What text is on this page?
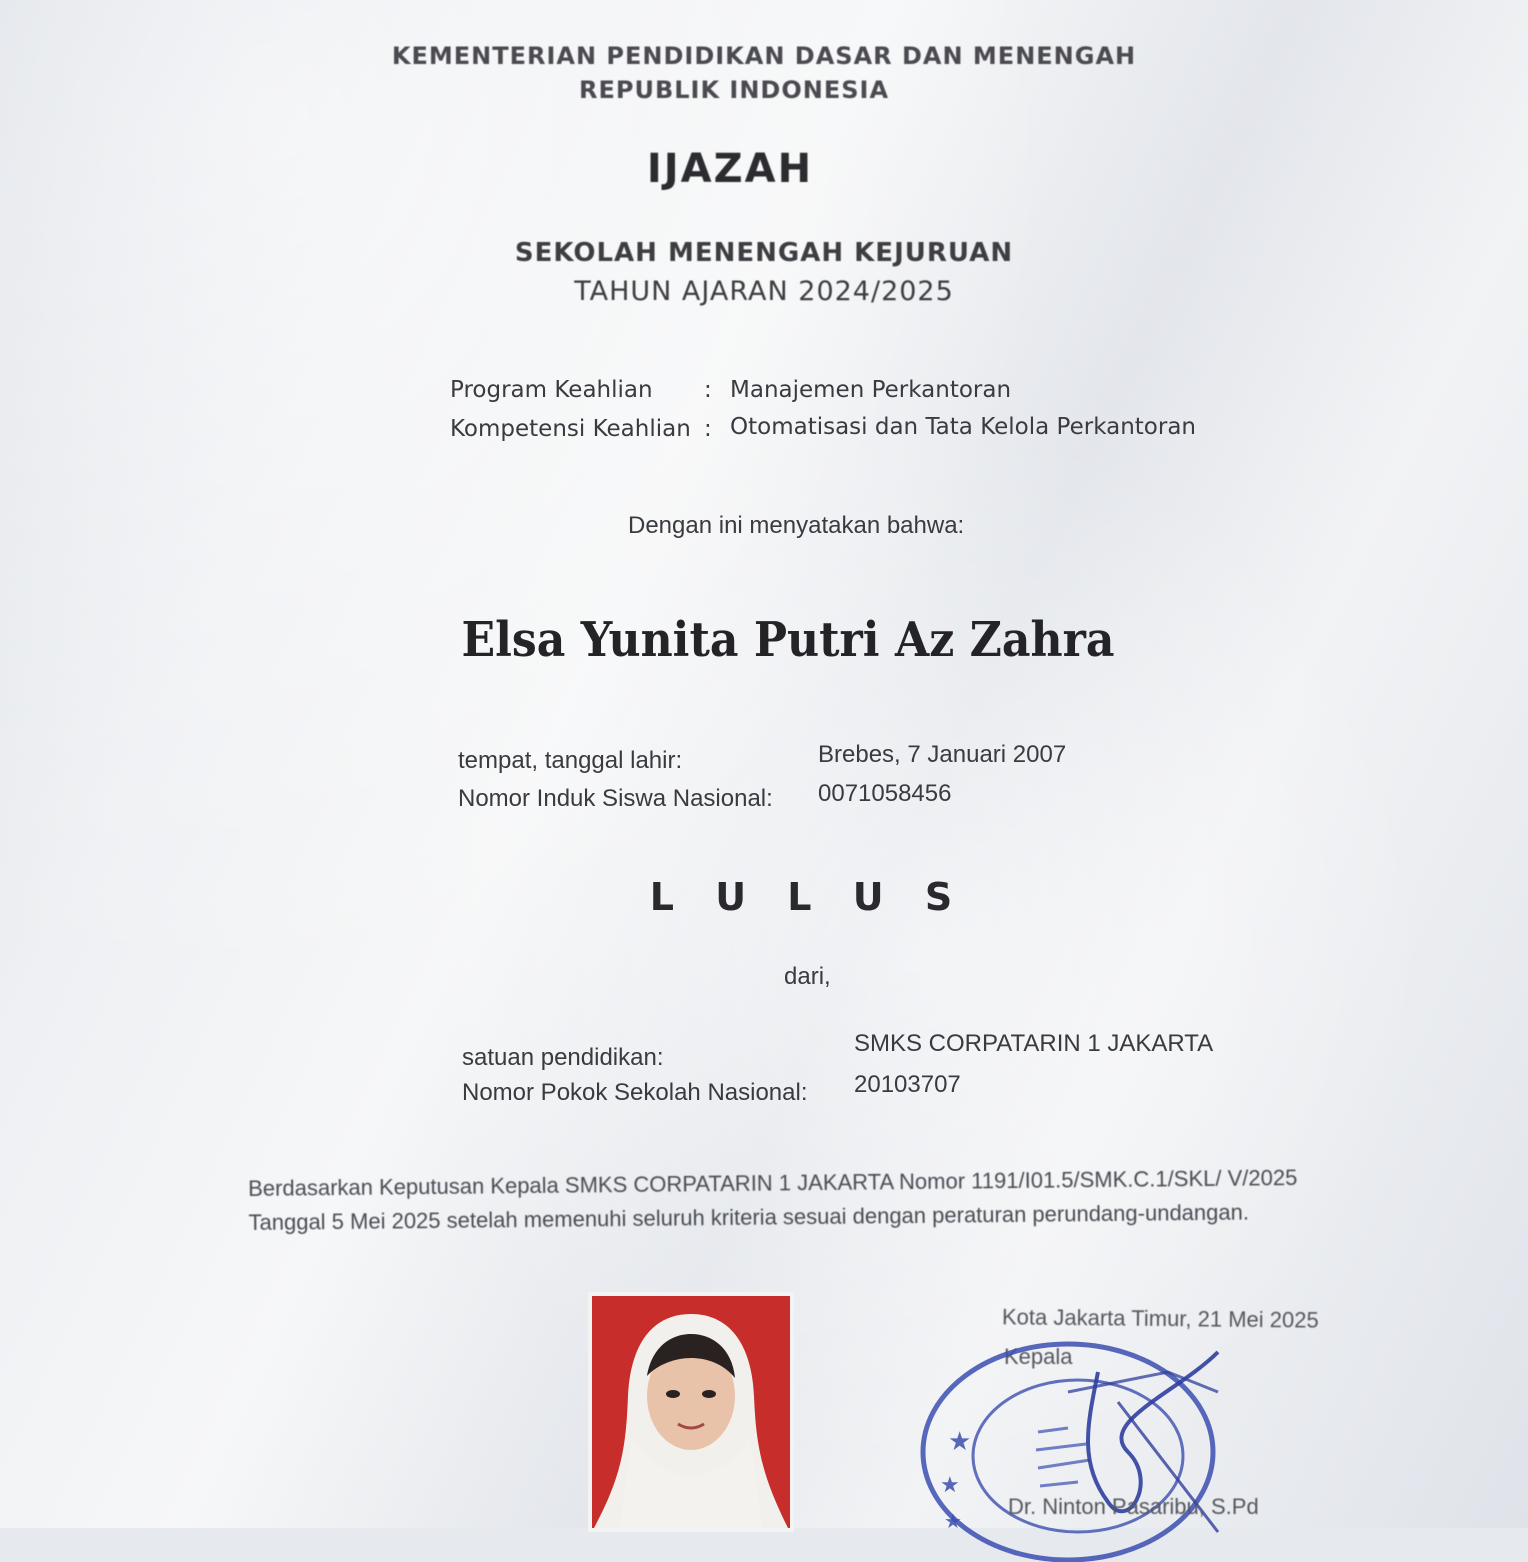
KEMENTERIAN PENDIDIKAN DASAR DAN MENENGAH
REPUBLIK INDONESIA
IJAZAH
SEKOLAH MENENGAH KEJURUAN
TAHUN AJARAN 2024/2025
Program Keahlian : Manajemen Perkantoran
Kompetensi Keahlian : Otomatisasi dan Tata Kelola Perkantoran
Dengan ini menyatakan bahwa:
Elsa Yunita Putri Az Zahra
tempat, tanggal lahir:	Brebes, 7 Januari 2007
Nomor Induk Siswa Nasional: 0071058456
L U L U S
dari,
satuan pendidikan:
SMKS CORPATARIN 1 JAKARTA
Nomor Pokok Sekolah Nasional: 20103707
Berdasarkan Keputusan Kepala SMKS CORPATARIN 1 JAKARTA Nomor 1191/I01.5/SMK.C.1/SKL/ V/2025 Tanggal 5 Mei 2025 setelah memenuhi seluruh kriteria sesuai dengan peraturan perundang-undangan.
Kota Jakarta Timur, 21 Mei 2025
Kepala
★
★
★
Dr. Ninton Pasaribu, S.Pd
